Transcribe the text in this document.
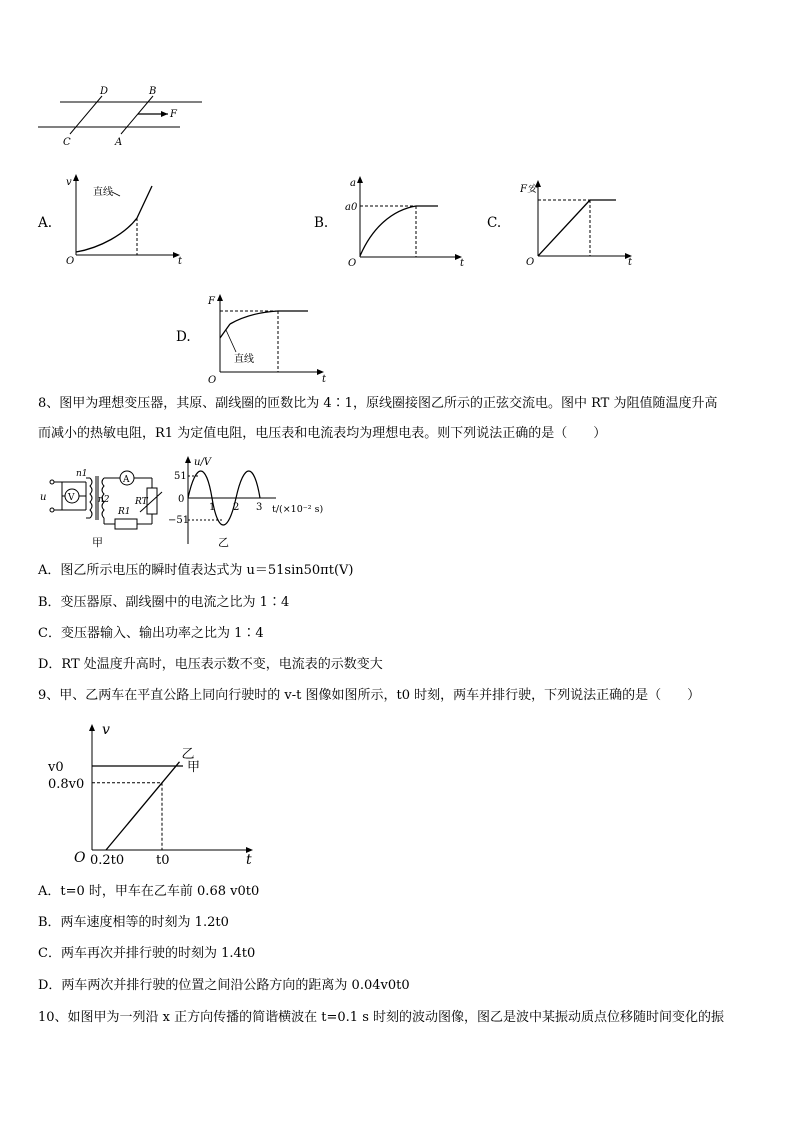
D	B
F
C	A
A.
v
t
O
直线
B.
a
a0
t
O
C.
F安
t
O
D.
F
直线
t
O
8、图甲为理想变压器，其原、副线圈的匝数比为 4∶1，原线圈接图乙所示的正弦交流电。图中 RT 为阻值随温度升高
而减小的热敏电阻，R1 为定值电阻，电压表和电流表均为理想电表。则下列说法正确的是（　　）
u V
n1
n2
A
RT
R1
甲
u/V
51
0
−51
1 2 3 t/(×10⁻² s)
乙
A．图乙所示电压的瞬时值表达式为 u＝51sin50πt(V)
B．变压器原、副线圈中的电流之比为 1∶4
C．变压器输入、输出功率之比为 1∶4
D．RT 处温度升高时，电压表示数不变，电流表的示数变大
9、甲、乙两车在平直公路上同向行驶时的 v-t 图像如图所示，t0 时刻，两车并排行驶，下列说法正确的是（　　）
v
t
O
v0
0.8v0
0.2t0 t0
甲
乙
A．t=0 时，甲车在乙车前 0.68 v0t0
B．两车速度相等的时刻为 1.2t0
C．两车再次并排行驶的时刻为 1.4t0
D．两车两次并排行驶的位置之间沿公路方向的距离为 0.04v0t0
10、如图甲为一列沿 x 正方向传播的简谐横波在 t=0.1 s 时刻的波动图像，图乙是波中某振动质点位移随时间变化的振
